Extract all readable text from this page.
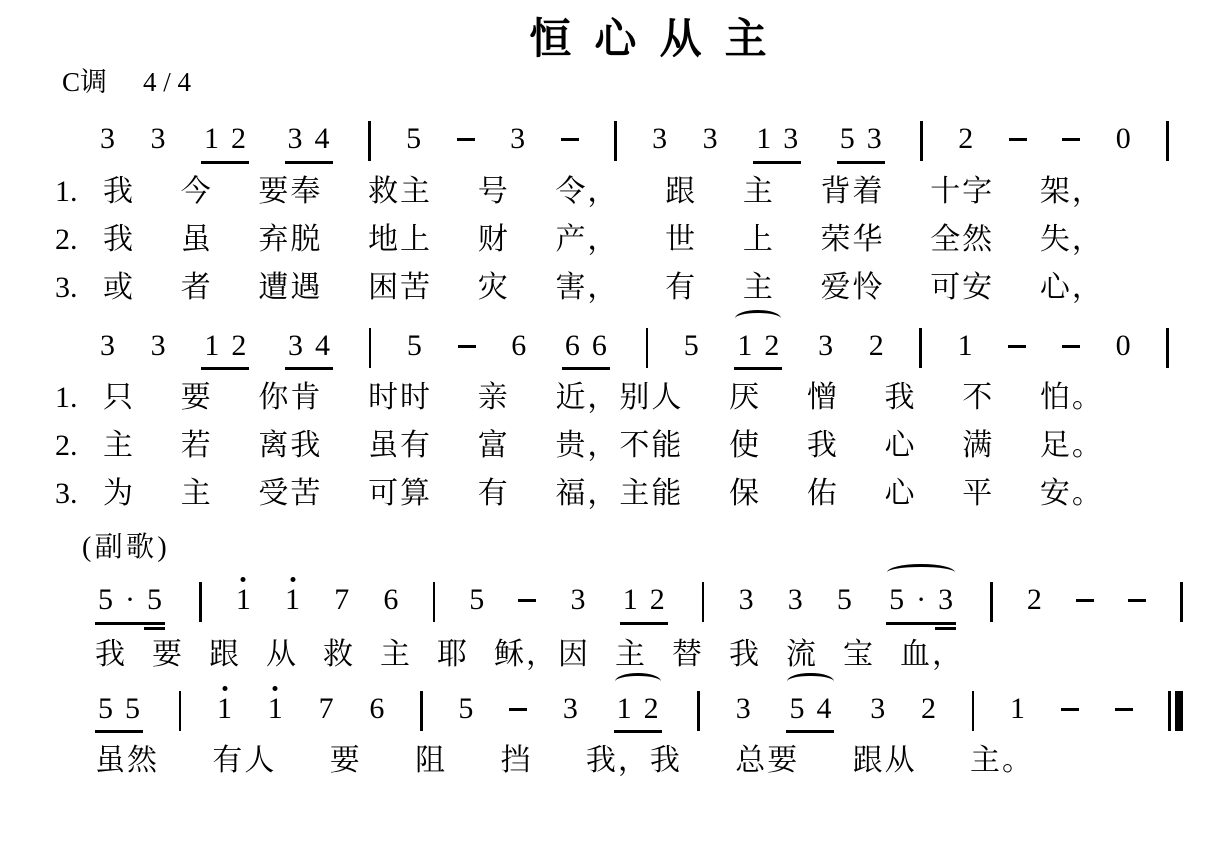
恒心从主
C调 4 / 4
3 3 1 2 3 4	5	3	3 3 1 3 5 3	2	0
1. 我 今 要奉 救主 号 令， 跟 主 背着 十字 架，
2. 我 虽 弃脱 地上 财 产， 世 上 荣华 全然 失，
3. 或 者 遭遇 困苦 灾 害， 有 主 爱怜 可安 心，
3 3 1 2 3 4	5	6 6 6	5 1 2 3 2 1	0
1. 只 要 你肯 时时 亲 近，别人 厌 憎 我 不 怕。
2. 主 若 离我 虽有 富 贵，不能 使 我 心 满 足。
3. 为 主 受苦 可算 有 福，主能 保 佑 心 平 安。
(副歌)
5 · 5 1 1 7 6 5	3 1 2 3 3 5 5 · 3 2
我 要 跟 从 救 主 耶 稣，因 主 替 我 流 宝 血，
5 5	1 1 7 6 5	3 1 2	3 5 4 3 2 1
虽然 有人 要 阻 挡 我，我 总要 跟从 主。
